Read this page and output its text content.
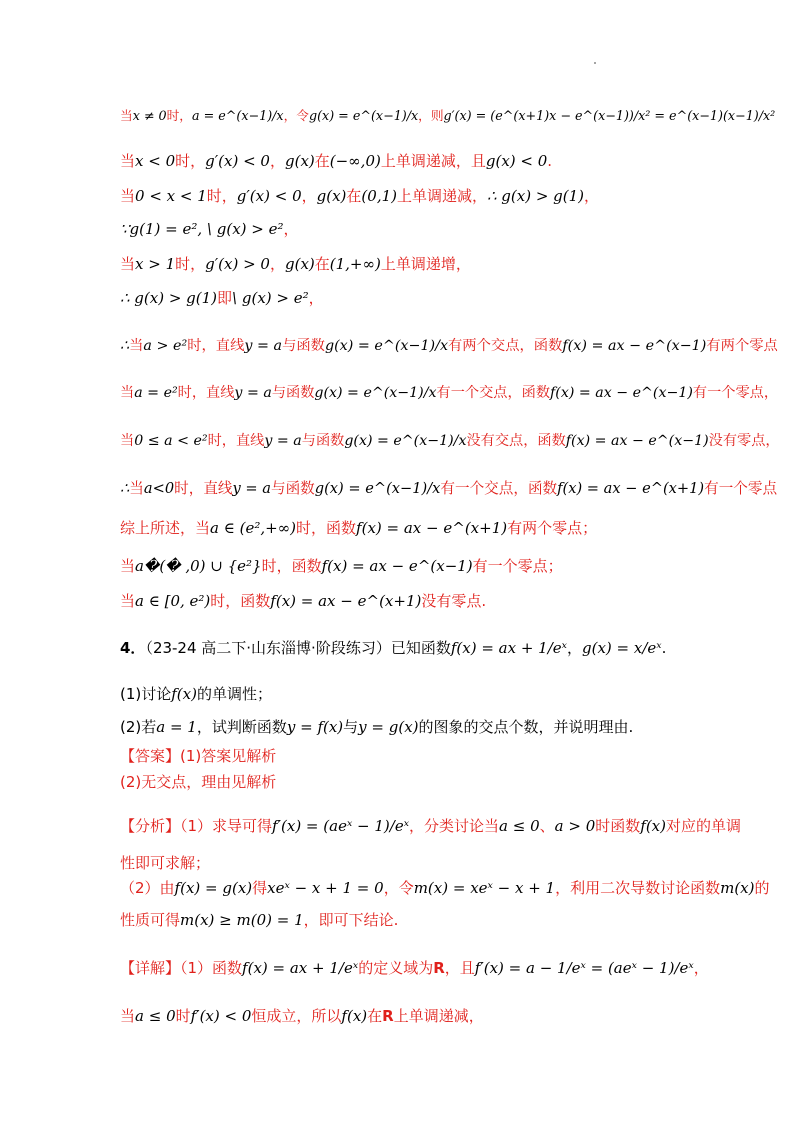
当x ≠ 0时，a = e^(x−1)/x，令g(x) = e^(x−1)/x，则g′(x) = (e^(x+1)x − e^(x−1))/x² = e^(x−1)(x−1)/x²
当x < 0时，g′(x) < 0，g(x)在(−∞,0)上单调递减，且g(x) < 0.
当0 < x < 1时，g′(x) < 0，g(x)在(0,1)上单调递减，∴ g(x) > g(1)，
∵g(1) = e², \ g(x) > e²，
当x > 1时，g′(x) > 0，g(x)在(1,+∞)上单调递增，
∴ g(x) > g(1)即\ g(x) > e²，
∴当a > e²时，直线y = a与函数g(x) = e^(x−1)/x有两个交点，函数f(x) = ax − e^(x−1)有两个零点
当a = e²时，直线y = a与函数g(x) = e^(x−1)/x有一个交点，函数f(x) = ax − e^(x−1)有一个零点，
当0 ≤ a < e²时，直线y = a与函数g(x) = e^(x−1)/x没有交点，函数f(x) = ax − e^(x−1)没有零点，
∴当a<0时，直线y = a与函数g(x) = e^(x−1)/x有一个交点，函数f(x) = ax − e^(x+1)有一个零点
综上所述，当a ∈ (e²,+∞)时，函数f(x) = ax − e^(x+1)有两个零点；
当a�(� ,0) ∪ {e²}时，函数f(x) = ax − e^(x−1)有一个零点；
当a ∈ [0, e²)时，函数f(x) = ax − e^(x+1)没有零点.
4．（23-24 高二下·山东淄博·阶段练习）已知函数f(x) = ax + 1/eˣ，g(x) = x/eˣ.
(1)讨论f(x)的单调性；
(2)若a = 1，试判断函数y = f(x)与y = g(x)的图象的交点个数，并说明理由.
【答案】(1)答案见解析
(2)无交点，理由见解析
【分析】（1）求导可得f′(x) = (aeˣ − 1)/eˣ，分类讨论当a ≤ 0、a > 0时函数f(x)对应的单调
性即可求解；
（2）由f(x) = g(x)得xeˣ − x + 1 = 0，令m(x) = xeˣ − x + 1，利用二次导数讨论函数m(x)的
性质可得m(x) ≥ m(0) = 1，即可下结论.
【详解】（1）函数f(x) = ax + 1/eˣ的定义域为R，且f′(x) = a − 1/eˣ = (aeˣ − 1)/eˣ，
当a ≤ 0时f′(x) < 0恒成立，所以f(x)在R上单调递减，
